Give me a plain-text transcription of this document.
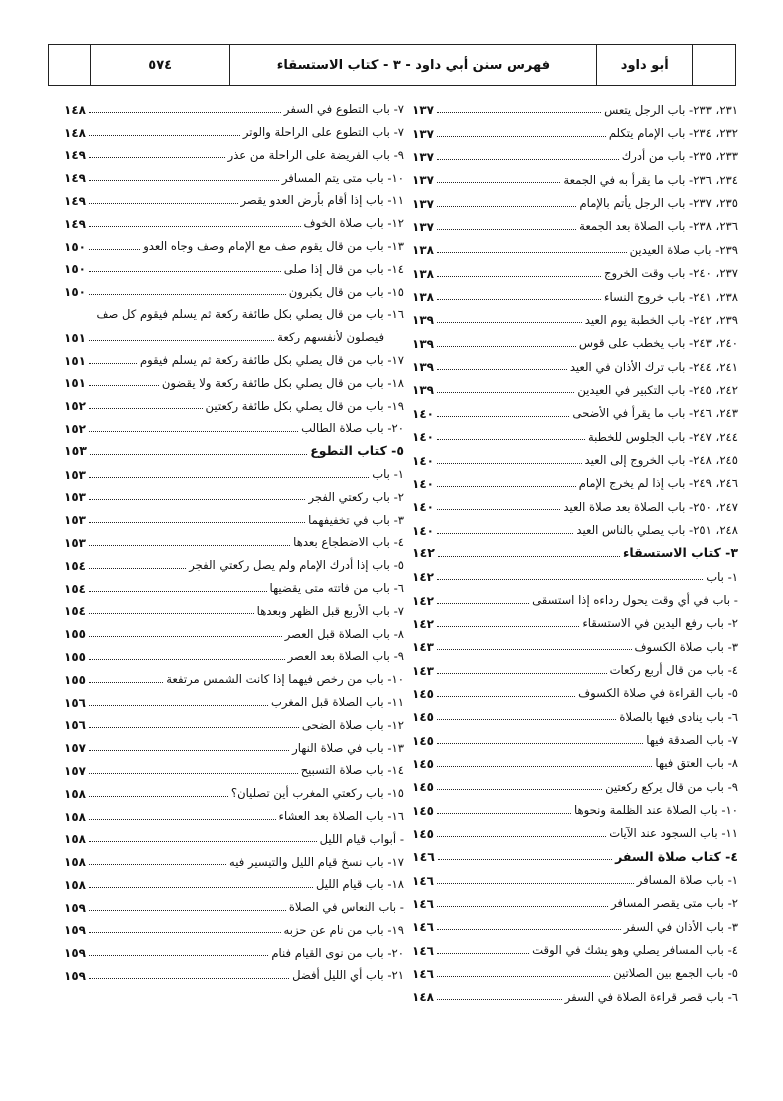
٥٧٤	فهرس سنن أبي داود - ٣ - كتاب الاستسقاء	أبو داود
٢٣١، ٢٣٣- باب الرجل يتعس
١٣٧
٢٣٢، ٢٣٤- باب الإمام يتكلم
١٣٧
٢٣٣، ٢٣٥- باب من أدرك
١٣٧
٢٣٤، ٢٣٦- باب ما يقرأ به في الجمعة
١٣٧
٢٣٥، ٢٣٧- باب الرجل يأتم بالإمام
١٣٧
٢٣٦، ٢٣٨- باب الصلاة بعد الجمعة
١٣٧
٢٣٩- باب صلاة العيدين
١٣٨
٢٣٧، ٢٤٠- باب وقت الخروج
١٣٨
٢٣٨، ٢٤١- باب خروج النساء
١٣٨
٢٣٩، ٢٤٢- باب الخطبة يوم العيد
١٣٩
٢٤٠، ٢٤٣- باب يخطب على قوس
١٣٩
٢٤١، ٢٤٤- باب ترك الأذان في العيد
١٣٩
٢٤٢، ٢٤٥- باب التكبير في العيدين
١٣٩
٢٤٣، ٢٤٦- باب ما يقرأ في الأضحى
١٤٠
٢٤٤، ٢٤٧- باب الجلوس للخطبة
١٤٠
٢٤٥، ٢٤٨- باب الخروج إلى العيد
١٤٠
٢٤٦، ٢٤٩- باب إذا لم يخرج الإمام
١٤٠
٢٤٧، ٢٥٠- باب الصلاة بعد صلاة العيد
١٤٠
٢٤٨، ٢٥١- باب يصلي بالناس العيد
١٤٠
٣- كتاب الاستسقاء
١٤٢
١- باب
١٤٢
- باب في أي وقت يحول رداءه إذا استسقى
١٤٢
٢- باب رفع اليدين في الاستسقاء
١٤٢
٣- باب صلاة الكسوف
١٤٣
٤- باب من قال أربع ركعات
١٤٣
٥- باب القراءة في صلاة الكسوف
١٤٥
٦- باب ينادى فيها بالصلاة
١٤٥
٧- باب الصدقة فيها
١٤٥
٨- باب العتق فيها
١٤٥
٩- باب من قال يركع ركعتين
١٤٥
١٠- باب الصلاة عند الظلمة ونحوها
١٤٥
١١- باب السجود عند الآيات
١٤٥
٤- كتاب صلاة السفر
١٤٦
١- باب صلاة المسافر
١٤٦
٢- باب متى يقصر المسافر
١٤٦
٣- باب الأذان في السفر
١٤٦
٤- باب المسافر يصلي وهو يشك في الوقت
١٤٦
٥- باب الجمع بين الصلاتين
١٤٦
٦- باب قصر قراءة الصلاة في السفر
١٤٨
٧- باب التطوع في السفر
١٤٨
٧- باب التطوع على الراحلة والوتر
١٤٨
٩- باب الفريضة على الراحلة من عذر
١٤٩
١٠- باب متى يتم المسافر
١٤٩
١١- باب إذا أقام بأرض العدو يقصر
١٤٩
١٢- باب صلاة الخوف
١٤٩
١٣- باب من قال يقوم صف مع الإمام وصف وجاه العدو
١٥٠
١٤- باب من قال إذا صلى
١٥٠
١٥- باب من قال يكبرون
١٥٠
١٦- باب من قال يصلي بكل طائفة ركعة ثم يسلم فيقوم كل صف
فيصلون لأنفسهم ركعة
١٥١
١٧- باب من قال يصلي بكل طائفة ركعة ثم يسلم فيقوم
١٥١
١٨- باب من قال يصلي بكل طائفة ركعة ولا يقضون
١٥١
١٩- باب من قال يصلي بكل طائفة ركعتين
١٥٢
٢٠- باب صلاة الطالب
١٥٢
٥- كتاب التطوع
١٥٣
١- باب
١٥٣
٢- باب ركعتي الفجر
١٥٣
٣- باب في تخفيفهما
١٥٣
٤- باب الاضطجاع بعدها
١٥٣
٥- باب إذا أدرك الإمام ولم يصل ركعتي الفجر
١٥٤
٦- باب من فاتته متى يقضيها
١٥٤
٧- باب الأربع قبل الظهر وبعدها
١٥٤
٨- باب الصلاة قبل العصر
١٥٥
٩- باب الصلاة بعد العصر
١٥٥
١٠- باب من رخص فيهما إذا كانت الشمس مرتفعة
١٥٥
١١- باب الصلاة قبل المغرب
١٥٦
١٢- باب صلاة الضحى
١٥٦
١٣- باب في صلاة النهار
١٥٧
١٤- باب صلاة التسبيح
١٥٧
١٥- باب ركعتي المغرب أين تصليان؟
١٥٨
١٦- باب الصلاة بعد العشاء
١٥٨
- أبواب قيام الليل
١٥٨
١٧- باب نسخ قيام الليل والتيسير فيه
١٥٨
١٨- باب قيام الليل
١٥٨
- باب النعاس في الصلاة
١٥٩
١٩- باب من نام عن حزبه
١٥٩
٢٠- باب من نوى القيام فنام
١٥٩
٢١- باب أي الليل أفضل
١٥٩
